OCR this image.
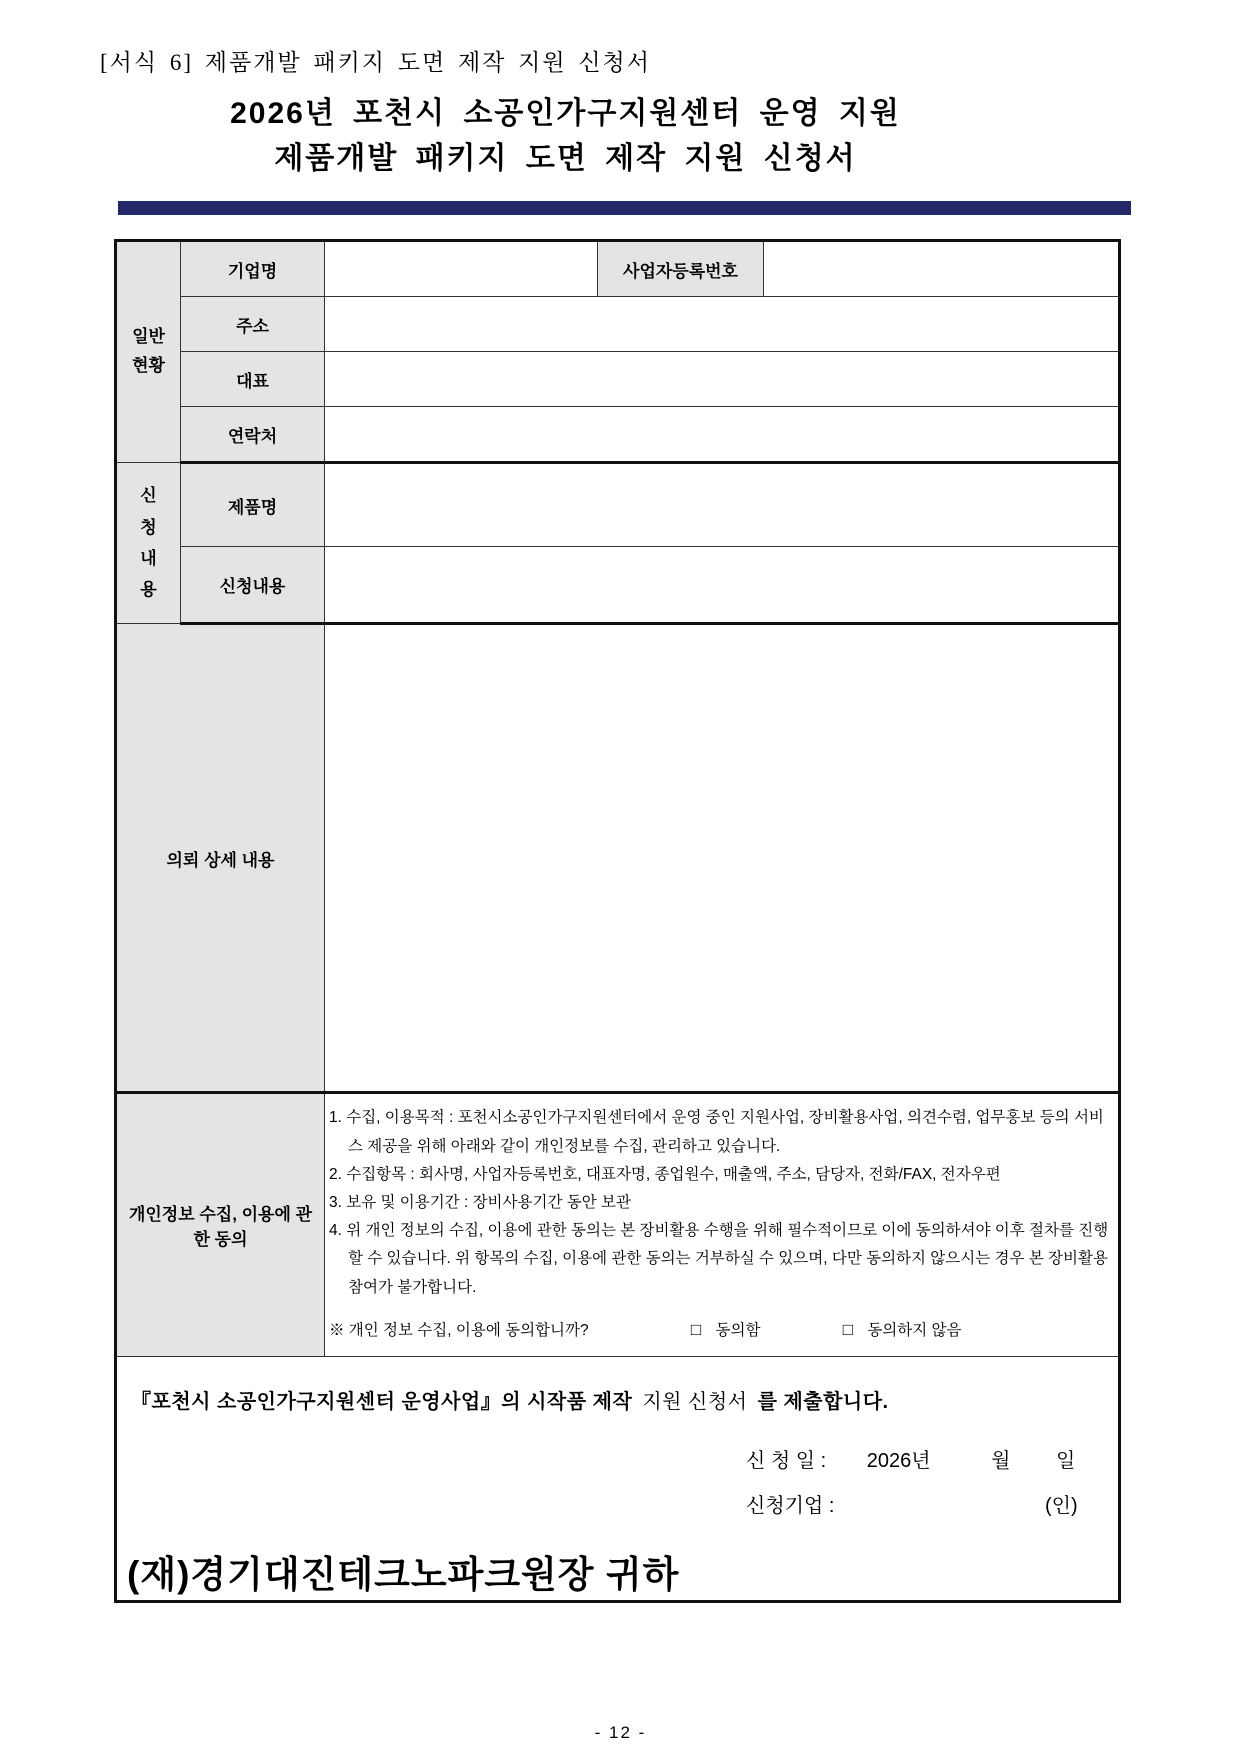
[서식 6] 제품개발 패키지 도면 제작 지원 신청서
2026년 포천시 소공인가구지원센터 운영 지원
제품개발 패키지 도면 제작 지원 신청서
일반 현황	기업명		사업자등록번호	
	주소			
	대표			
	연락처			

신청내용	제품명			
	신청내용			
의뢰 상세 내용				
개인정보 수집, 이용에 관한 동의		1. 수집, 이용목적 : 포천시소공인가구지원센터에서 운영 중인 지원사업, 장비활용사업, 의견수렴, 업무홍보 등의 서비스 제공을 위해 아래와 같이 개인정보를 수집, 관리하고 있습니다.
2. 수집항목 : 회사명, 사업자등록번호, 대표자명, 종업원수, 매출액, 주소, 담당자, 전화/FAX, 전자우편
3. 보유 및 이용기간 : 장비사용기간 동안 보관
4. 위 개인 정보의 수집, 이용에 관한 동의는 본 장비활용 수행을 위해 필수적이므로 이에 동의하셔야 이후 절차를 진행 할 수 있습니다. 위 항목의 수집, 이용에 관한 동의는 거부하실 수 있으며, 다만 동의하지 않으시는 경우 본 장비활용 참여가 불가합니다.
※ 개인 정보 수집, 이용에 동의합니까? □ 동의함 □ 동의하지 않음		

『포천시 소공인가구지원센터 운영사업』의 시작품 제작 지원 신청서 를 제출합니다.
신 청 일 : 2026년 월 일
신청기업 : (인)
(재)경기대진테크노파크원장 귀하				
- 12 -
